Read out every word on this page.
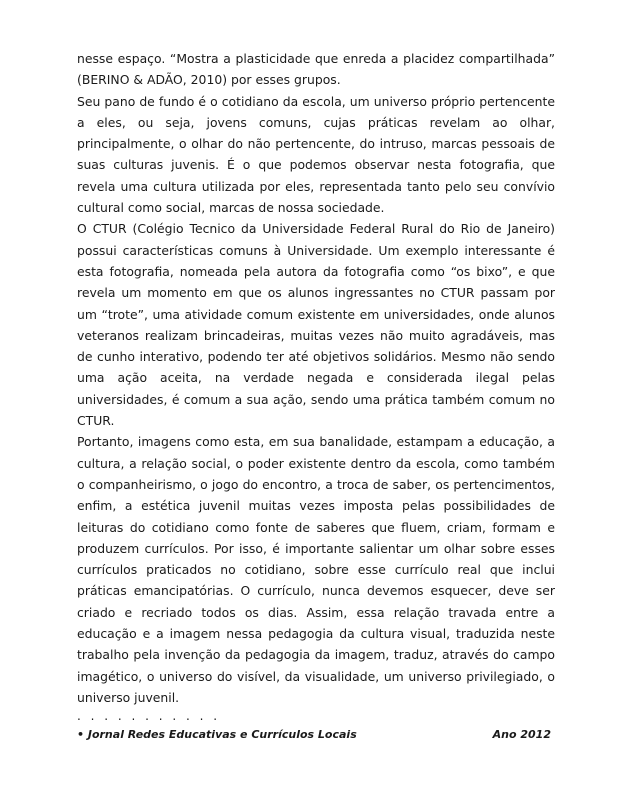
nesse espaço. “Mostra a plasticidade que enreda a placidez compartilhada” (BERINO & ADÃO, 2010) por esses grupos.

Seu pano de fundo é o cotidiano da escola, um universo próprio pertencente a eles, ou seja, jovens comuns, cujas práticas revelam ao olhar, principalmente, o olhar do não pertencente, do intruso, marcas pessoais de suas culturas juvenis. É o que podemos observar nesta fotografia, que revela uma cultura utilizada por eles, representada tanto pelo seu convívio cultural como social, marcas de nossa sociedade.

O CTUR (Colégio Tecnico da Universidade Federal Rural do Rio de Janeiro) possui características comuns à Universidade. Um exemplo interessante é esta fotografia, nomeada pela autora da fotografia como “os bixo”, e que revela um momento em que os alunos ingressantes no CTUR passam por um “trote”, uma atividade comum existente em universidades, onde alunos veteranos realizam brincadeiras, muitas vezes não muito agradáveis, mas de cunho interativo, podendo ter até objetivos solidários. Mesmo não sendo uma ação aceita, na verdade negada e considerada ilegal pelas universidades, é comum a sua ação, sendo uma prática também comum no CTUR.

Portanto, imagens como esta, em sua banalidade, estampam a educação, a cultura, a relação social, o poder existente dentro da escola, como também o companheirismo, o jogo do encontro, a troca de saber, os pertencimentos, enfim, a estética juvenil muitas vezes imposta pelas possibilidades de leituras do cotidiano como fonte de saberes que fluem, criam, formam e produzem currículos. Por isso, é importante salientar um olhar sobre esses currículos praticados no cotidiano, sobre esse currículo real que inclui práticas emancipatórias. O currículo, nunca devemos esquecer, deve ser criado e recriado todos os dias. Assim, essa relação travada entre a educação e a imagem nessa pedagogia da cultura visual, traduzida neste trabalho pela invenção da pedagogia da imagem, traduz, através do campo imagético, o universo do visível, da visualidade, um universo privilegiado, o universo juvenil.

. . . . . . . . . . .
• Jornal Redes Educativas e Currículos Locais	Ano 2012
